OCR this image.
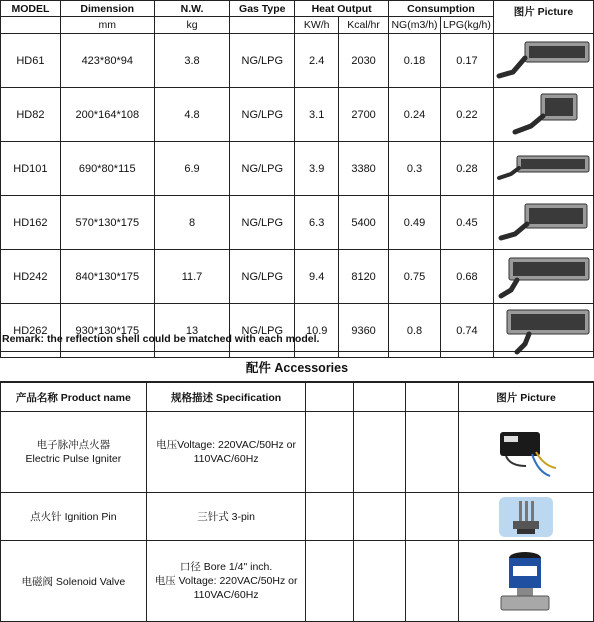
MODEL	Dimension	N.W.	Gas Type	Heat Output		Consumption		图片 Picture

	mm	kg		KW/h	Kcal/hr	NG(m3/h)	LPG(kg/h)	
HD61	423*80*94	3.8	NG/LPG	2.4	2030	0.18	0.17	

HD82	200*164*108	4.8	NG/LPG	3.1	2700	0.24	0.22	

HD101	690*80*115	6.9	NG/LPG	3.9	3380	0.3	0.28	

HD162	570*130*175	8	NG/LPG	6.3	5400	0.49	0.45	

HD242	840*130*175	11.7	NG/LPG	9.4	8120	0.75	0.68	

HD262	930*130*175	13	NG/LPG	10.9	9360	0.8	0.74	
Remark: the reflection shell could be matched with each model.
配件 Accessories
产品名称 Product name	规格描述 Specification				图片 Picture

电子脉冲点火器
Electric Pulse Igniter	电压Voltage: 220VAC/50Hz or
110VAC/60Hz

点火针 Ignition Pin	三针式 3-pin				

电磁阀 Solenoid Valve	口径 Bore 1/4" inch.
电压 Voltage: 220VAC/50Hz or
110VAC/60Hz
